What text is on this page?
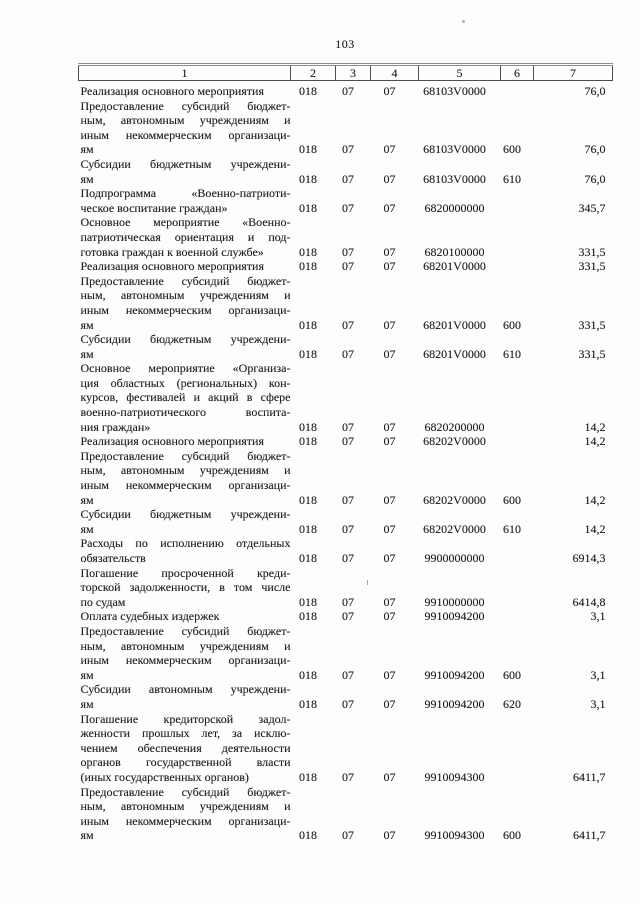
103
1	2	3	4	5	6	7

Реализация основного мероприятия	018	07	07	68103V0000		76,0

Предоставление субсидий бюджет-
ным, автономным учреждениям и
иным некоммерческим организаци-
ям	018	07	07	68103V0000	600	76,0

Субсидии бюджетным учреждени-
ям	018	07	07	68103V0000	610	76,0

Подпрограмма «Военно-патриоти-
ческое воспитание граждан»	018	07	07	6820000000		345,7

Основное мероприятие «Военно-
патриотическая ориентация и под-
готовка граждан к военной службе»	018	07	07	6820100000		331,5

Реализация основного мероприятия	018	07	07	68201V0000		331,5

Предоставление субсидий бюджет-
ным, автономным учреждениям и
иным некоммерческим организаци-
ям	018	07	07	68201V0000	600	331,5

Субсидии бюджетным учреждени-
ям	018	07	07	68201V0000	610	331,5

Основное мероприятие «Организа-
ция областных (региональных) кон-
курсов, фестивалей и акций в сфере
военно-патриотического воспита-
ния граждан»	018	07	07	6820200000		14,2

Реализация основного мероприятия	018	07	07	68202V0000		14,2

Предоставление субсидий бюджет-
ным, автономным учреждениям и
иным некоммерческим организаци-
ям	018	07	07	68202V0000	600	14,2

Субсидии бюджетным учреждени-
ям	018	07	07	68202V0000	610	14,2

Расходы по исполнению отдельных
обязательств	018	07	07	9900000000		6914,3

Погашение просроченной креди-
торской задолженности, в том числе
по судам	018	07	07	9910000000		6414,8

Оплата судебных издержек	018	07	07	9910094200		3,1

Предоставление субсидий бюджет-
ным, автономным учреждениям и
иным некоммерческим организаци-
ям	018	07	07	9910094200	600	3,1

Субсидии автономным учреждени-
ям	018	07	07	9910094200	620	3,1

Погашение кредиторской задол-
женности прошлых лет, за исклю-
чением обеспечения деятельности
органов государственной власти
(иных государственных органов)	018	07	07	9910094300		6411,7

Предоставление субсидий бюджет-
ным, автономным учреждениям и
иным некоммерческим организаци-
ям	018	07	07	9910094300	600	6411,7
